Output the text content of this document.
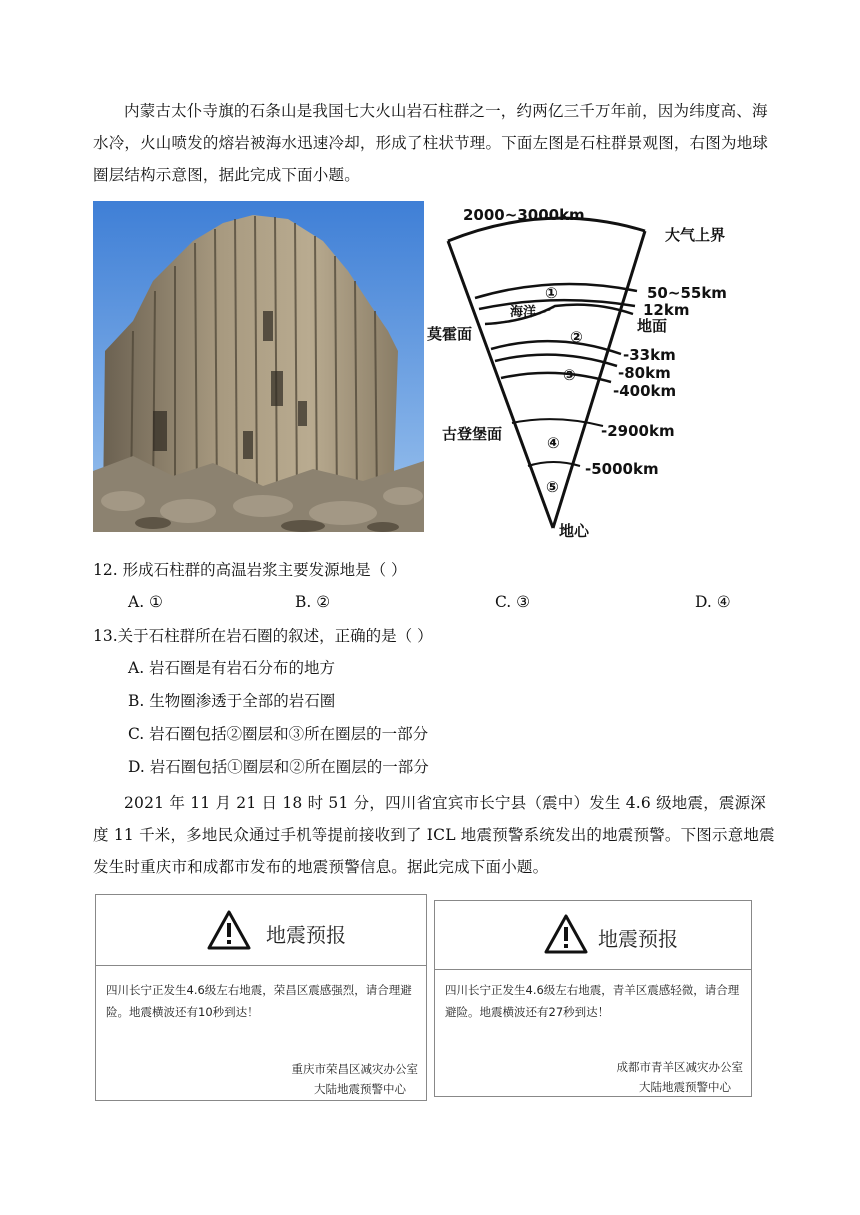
内蒙古太仆寺旗的石条山是我国七大火山岩石柱群之一，约两亿三千万年前，因为纬度高、海水冷，火山喷发的熔岩被海水迅速冷却，形成了柱状节理。下面左图是石柱群景观图，右图为地球圈层结构示意图，据此完成下面小题。
①
②
③
④
⑤
2000~3000km
大气上界
50~55km
12km
地面
海洋
莫霍面
-33km
-80km
-400km
古登堡面	-2900km
-5000km
地心
12. 形成石柱群的高温岩浆主要发源地是（ ）
A. ①	B. ②	C. ③	D. ④
13.关于石柱群所在岩石圈的叙述，正确的是（ ）
A. 岩石圈是有岩石分布的地方
B. 生物圈渗透于全部的岩石圈
C. 岩石圈包括②圈层和③所在圈层的一部分
D. 岩石圈包括①圈层和②所在圈层的一部分
2021 年 11 月 21 日 18 时 51 分，四川省宜宾市长宁县（震中）发生 4.6 级地震，震源深度 11 千米，多地民众通过手机等提前接收到了 ICL 地震预警系统发出的地震预警。下图示意地震发生时重庆市和成都市发布的地震预警信息。据此完成下面小题。
地震预报
四川长宁正发生4.6级左右地震，荣昌区震感强烈，请合理避险。地震横波还有10秒到达！
重庆市荣昌区减灾办公室
大陆地震预警中心
地震预报
四川长宁正发生4.6级左右地震，青羊区震感轻微，请合理避险。地震横波还有27秒到达！
成都市青羊区减灾办公室
大陆地震预警中心
